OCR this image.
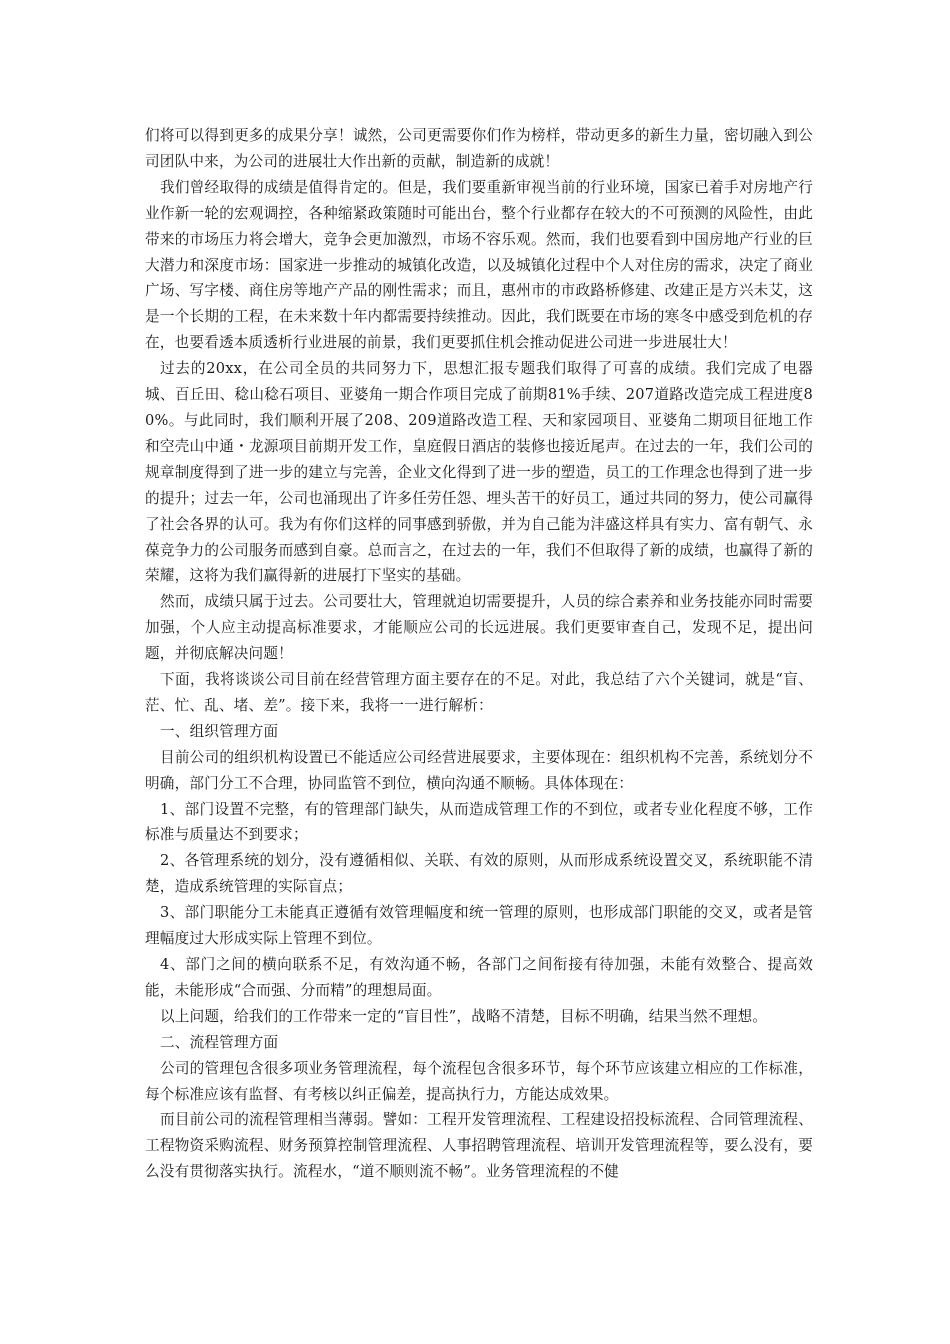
们将可以得到更多的成果分享！诚然，公司更需要你们作为榜样，带动更多的新生力量，密切融入到公司团队中来，为公司的进展壮大作出新的贡献，制造新的成就！

我们曾经取得的成绩是值得肯定的。但是，我们要重新审视当前的行业环境，国家已着手对房地产行业作新一轮的宏观调控，各种缩紧政策随时可能出台，整个行业都存在较大的不可预测的风险性，由此带来的市场压力将会增大，竞争会更加激烈，市场不容乐观。然而，我们也要看到中国房地产行业的巨大潜力和深度市场：国家进一步推动的城镇化改造，以及城镇化过程中个人对住房的需求，决定了商业广场、写字楼、商住房等地产产品的刚性需求；而且，惠州市的市政路桥修建、改建正是方兴未艾，这是一个长期的工程，在未来数十年内都需要持续推动。因此，我们既要在市场的寒冬中感受到危机的存在，也要看透本质透析行业进展的前景，我们更要抓住机会推动促进公司进一步进展壮大！

过去的20xx，在公司全员的共同努力下，思想汇报专题我们取得了可喜的成绩。我们完成了电器城、百丘田、稔山稔石项目、亚婆角一期合作项目完成了前期81%手续、207道路改造完成工程进度80%。与此同时，我们顺利开展了208、209道路改造工程、天和家园项目、亚婆角二期项目征地工作和空壳山中通・龙源项目前期开发工作，皇庭假日酒店的装修也接近尾声。在过去的一年，我们公司的规章制度得到了进一步的建立与完善，企业文化得到了进一步的塑造，员工的工作理念也得到了进一步的提升；过去一年，公司也涌现出了许多任劳任怨、埋头苦干的好员工，通过共同的努力，使公司赢得了社会各界的认可。我为有你们这样的同事感到骄傲，并为自己能为沣盛这样具有实力、富有朝气、永葆竞争力的公司服务而感到自豪。总而言之，在过去的一年，我们不但取得了新的成绩，也赢得了新的荣耀，这将为我们赢得新的进展打下坚实的基础。

然而，成绩只属于过去。公司要壮大，管理就迫切需要提升，人员的综合素养和业务技能亦同时需要加强，个人应主动提高标准要求，才能顺应公司的长远进展。我们更要审查自己，发现不足，提出问题，并彻底解决问题！

下面，我将谈谈公司目前在经营管理方面主要存在的不足。对此，我总结了六个关键词，就是“盲、茫、忙、乱、堵、差”。接下来，我将一一进行解析：

一、组织管理方面

目前公司的组织机构设置已不能适应公司经营进展要求，主要体现在：组织机构不完善，系统划分不明确，部门分工不合理，协同监管不到位，横向沟通不顺畅。具体体现在：

1、部门设置不完整，有的管理部门缺失，从而造成管理工作的不到位，或者专业化程度不够，工作标准与质量达不到要求；

2、各管理系统的划分，没有遵循相似、关联、有效的原则，从而形成系统设置交叉，系统职能不清楚，造成系统管理的实际盲点；

3、部门职能分工未能真正遵循有效管理幅度和统一管理的原则，也形成部门职能的交叉，或者是管理幅度过大形成实际上管理不到位。

4、部门之间的横向联系不足，有效沟通不畅，各部门之间衔接有待加强，未能有效整合、提高效能，未能形成“合而强、分而精”的理想局面。

以上问题，给我们的工作带来一定的“盲目性”，战略不清楚，目标不明确，结果当然不理想。

二、流程管理方面

公司的管理包含很多项业务管理流程，每个流程包含很多环节，每个环节应该建立相应的工作标准，每个标准应该有监督、有考核以纠正偏差，提高执行力，方能达成效果。

而目前公司的流程管理相当薄弱。譬如：工程开发管理流程、工程建设招投标流程、合同管理流程、工程物资采购流程、财务预算控制管理流程、人事招聘管理流程、培训开发管理流程等，要么没有，要么没有贯彻落实执行。流程水，“道不顺则流不畅”。业务管理流程的不健
